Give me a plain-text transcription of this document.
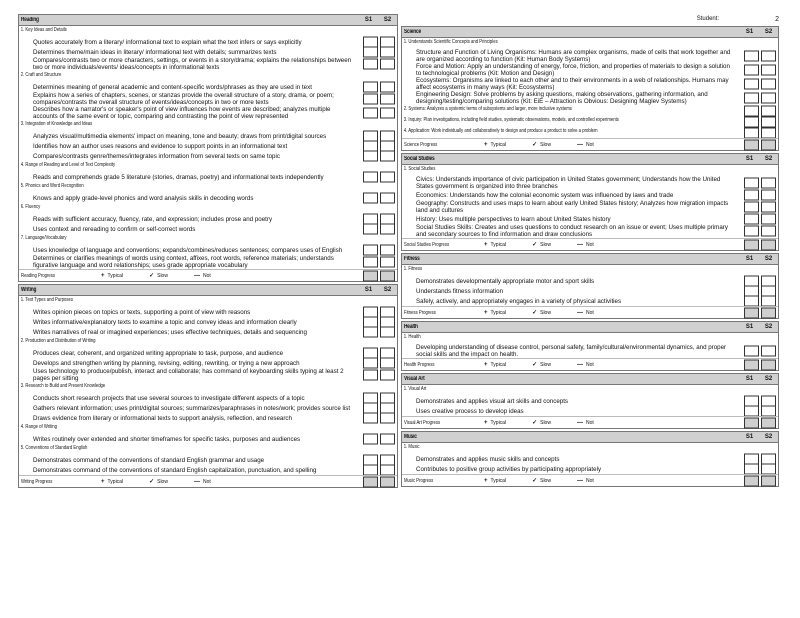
Reading	S1	S2
1. Key Ideas and Details
Quotes accurately from a literary/ informational text to explain what the text infers or says explicitly
Determines theme/main ideas in literary/ informational text with details; summarizes texts
Compares/contrasts two or more characters, settings, or events in a story/drama; explains the relationships between two or more individuals/events/ ideas/concepts in informational texts
2. Craft and Structure
Determines meaning of general academic and content-specific words/phrases as they are used in text
Explains how a series of chapters, scenes, or stanzas provide the overall structure of a story, drama, or poem; compares/contrasts the overall structure of events/ideas/concepts in two or more texts
Describes how a narrator's or speaker's point of view influences how events are described; analyzes multiple accounts of the same event or topic, comparing and contrasting the point of view represented
3. Integration of Knowledge and Ideas
Analyzes visual/multimedia elements' impact on meaning, tone and beauty; draws from print/digital sources
Identifies how an author uses reasons and evidence to support points in an informational text
Compares/contrasts genre/themes/integrates information from several texts on same topic
4. Range of Reading and Level of Text Complexity
Reads and comprehends grade 5 literature (stories, dramas, poetry) and informational texts independently
5. Phonics and Word Recognition
Knows and apply grade-level phonics and word analysis skills in decoding words
6. Fluency
Reads with sufficient accuracy, fluency, rate, and expression; includes prose and poetry
Uses context and rereading to confirm or self-correct words
7. Language/Vocabulary
Uses knowledge of language and conventions; expands/combines/reduces sentences; compares uses of English
Determines or clarifies meanings of words using context, affixes, root words, reference materials; understands figurative language and word relationships; uses grade appropriate vocabulary
Reading Progress	+ Typical	✓ Slow	— Not
Writing	S1	S2
1. Text Types and Purposes
Writes opinion pieces on topics or texts, supporting a point of view with reasons
Writes informative/explanatory texts to examine a topic and convey ideas and information clearly
Writes narratives of real or imagined experiences; uses effective techniques, details and sequencing
2. Production and Distribution of Writing
Produces clear, coherent, and organized writing appropriate to task, purpose, and audience
Develops and strengthen writing by planning, revising, editing, rewriting, or trying a new approach
Uses technology to produce/publish, interact and collaborate; has command of keyboarding skills typing at least 2 pages per sitting
3. Research to Build and Present Knowledge
Conducts short research projects that use several sources to investigate different aspects of a topic
Gathers relevant information; uses print/digital sources; summarizes/paraphrases in notes/work; provides source list
Draws evidence from literary or informational texts to support analysis, reflection, and research
4. Range of Writing
Writes routinely over extended and shorter timeframes for specific tasks, purposes and audiences
5. Conventions of Standard English
Demonstrates command of the conventions of standard English grammar and usage
Demonstrates command of the conventions of standard English capitalization, punctuation, and spelling
Writing Progress	+ Typical	✓ Slow	— Not
Student:	2
Science	S1	S2
1. Understands Scientific Concepts and Principles
Structure and Function of Living Organisms: Humans are complex organisms, made of cells that work together and are organized according to function (Kit: Human Body Systems)
Force and Motion: Apply an understanding of energy, force, friction, and properties of materials to design a solution to technological problems (Kit: Motion and Design)
Ecosystems: Organisms are linked to each other and to their environments in a web of relationships. Humans may affect ecosystems in many ways (Kit: Ecosystems)
Engineering Design: Solve problems by asking questions, making observations, gathering information, and designing/testing/comparing solutions (Kit: EiE – Attraction is Obvious: Designing Maglev Systems)
2. Systems: Analyzes a systemic terms of subsystems and larger, more inclusive systems
3. Inquiry: Plan investigations, including field studies, systematic observations, models, and controlled experiments
4. Application: Work individually and collaboratively to design and produce a product to solve a problem
Science Progress	+ Typical	✓ Slow	— Not
Social Studies	S1	S2
1. Social Studies
Civics: Understands importance of civic participation in United States government; Understands how the United States government is organized into three branches
Economics: Understands how the colonial economic system was influenced by laws and trade
Geography: Constructs and uses maps to learn about early United States history; Analyzes how migration impacts land and cultures
History: Uses multiple perspectives to learn about United States history
Social Studies Skills: Creates and uses questions to conduct research on an issue or event; Uses multiple primary and secondary sources to find information and draw conclusions
Social Studies Progress	+ Typical	✓ Slow	— Not
Fitness	S1	S2
1. Fitness
Demonstrates developmentally appropriate motor and sport skills
Understands fitness information
Safely, actively, and appropriately engages in a variety of physical activities
Fitness Progress	+ Typical	✓ Slow	— Not
Health	S1	S2
1. Health
Developing understanding of disease control, personal safety, family/cultural/environmental dynamics, and proper social skills and the impact on health.
Health Progress	+ Typical	✓ Slow	— Not
Visual Art	S1	S2
1. Visual Art
Demonstrates and applies visual art skills and concepts
Uses creative process to develop ideas
Visual Art Progress	+ Typical	✓ Slow	— Not
Music	S1	S2
1. Music
Demonstrates and applies music skills and concepts
Contributes to positive group activities by participating appropriately
Music Progress	+ Typical	✓ Slow	— Not
